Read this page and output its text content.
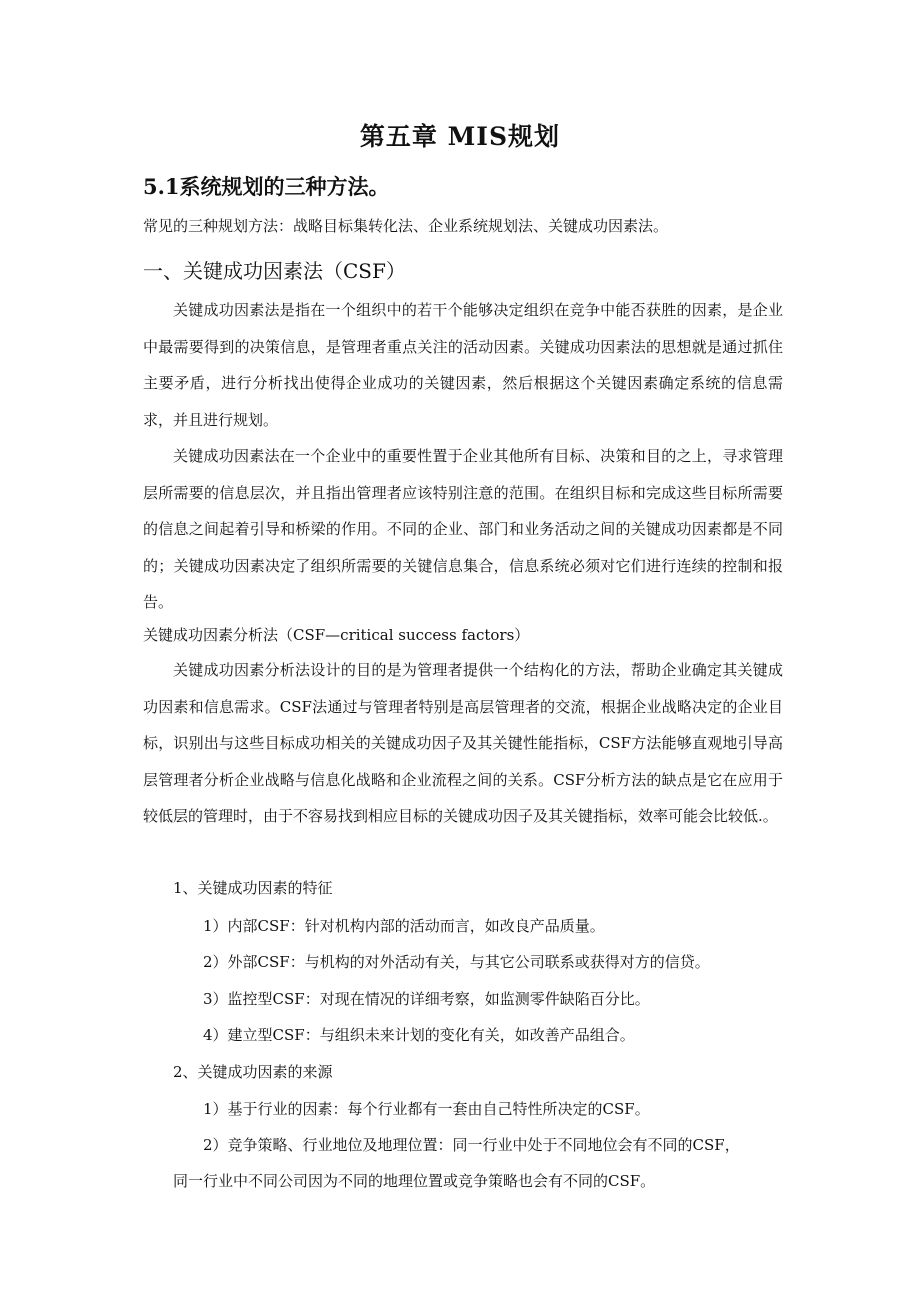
第五章 MIS规划
5.1系统规划的三种方法。
常见的三种规划方法：战略目标集转化法、企业系统规划法、关键成功因素法。
一、关键成功因素法（CSF）

关键成功因素法是指在一个组织中的若干个能够决定组织在竞争中能否获胜的因素，是企业中最需要得到的决策信息，是管理者重点关注的活动因素。关键成功因素法的思想就是通过抓住主要矛盾，进行分析找出使得企业成功的关键因素，然后根据这个关键因素确定系统的信息需求，并且进行规划。

关键成功因素法在一个企业中的重要性置于企业其他所有目标、决策和目的之上，寻求管理层所需要的信息层次，并且指出管理者应该特别注意的范围。在组织目标和完成这些目标所需要的信息之间起着引导和桥梁的作用。不同的企业、部门和业务活动之间的关键成功因素都是不同的；关键成功因素决定了组织所需要的关键信息集合，信息系统必须对它们进行连续的控制和报告。

关键成功因素分析法（CSF—critical success factors）

关键成功因素分析法设计的目的是为管理者提供一个结构化的方法，帮助企业确定其关键成功因素和信息需求。CSF法通过与管理者特别是高层管理者的交流，根据企业战略决定的企业目标，识别出与这些目标成功相关的关键成功因子及其关键性能指标，CSF方法能够直观地引导高层管理者分析企业战略与信息化战略和企业流程之间的关系。CSF分析方法的缺点是它在应用于较低层的管理时，由于不容易找到相应目标的关键成功因子及其关键指标，效率可能会比较低.。

1、关键成功因素的特征
1）内部CSF：针对机构内部的活动而言，如改良产品质量。
2）外部CSF：与机构的对外活动有关，与其它公司联系或获得对方的信贷。
3）监控型CSF：对现在情况的详细考察，如监测零件缺陷百分比。
4）建立型CSF：与组织未来计划的变化有关，如改善产品组合。
2、关键成功因素的来源
1）基于行业的因素：每个行业都有一套由自己特性所决定的CSF。
2）竞争策略、行业地位及地理位置：同一行业中处于不同地位会有不同的CSF，
同一行业中不同公司因为不同的地理位置或竞争策略也会有不同的CSF。
